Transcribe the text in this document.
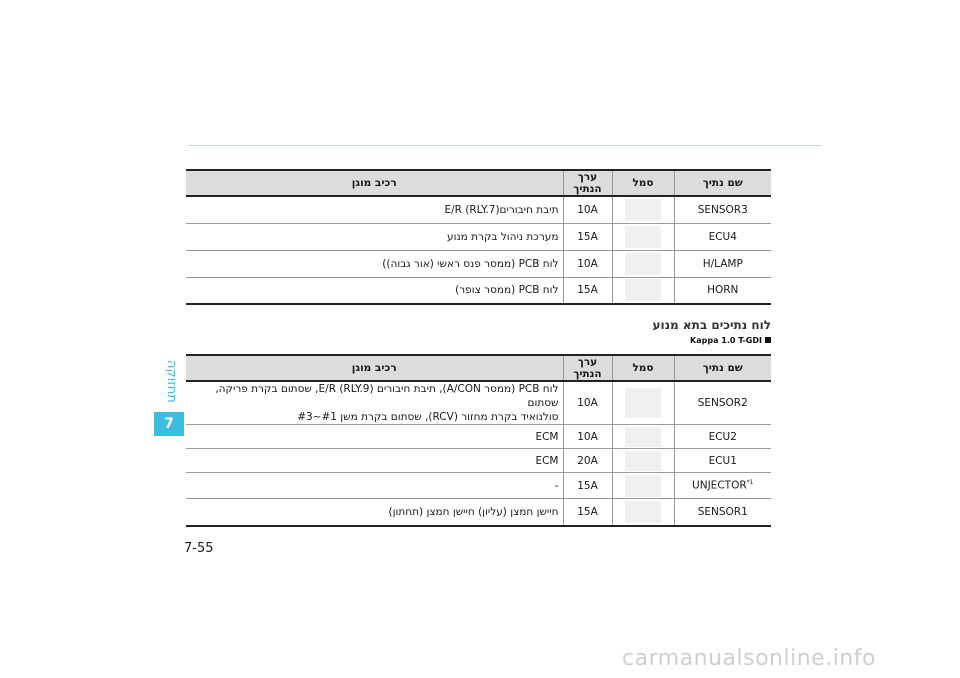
תחזוקה
7
שם נתיך	סמל	ערך הנתיך	רכיב מוגן
SENSOR3		10A	תיבת חיבוריםE/R (RLY.7)
ECU4		15A	מערכת ניהול בקרת מנוע
H/LAMP		10A	לוח PCB (ממסר פנס ראשי (אור גבוה))
HORN		15A	לוח PCB (ממסר צופר)
לוח נתיכים בתא מנוע
Kappa 1.0 T-GDI
שם נתיך	סמל	ערך הנתיך	רכיב מוגן
SENSOR2		10A	לוח PCB (ממסר A/CON), תיבת חיבורים E/R (RLY.9), שסתום בקרת פריקה, שסתום
סולנואיד בקרת מחזור (RCV), שסתום בקרת משן #1~#3

ECU2		10A	ECM
ECU1		20A	ECM
UNJECTOR$^{*1}$		15A	-
SENSOR1		15A	חיישן חמצן (עליון) חיישן חמצן (תחתון)
7-55
carmanualsonline.info
